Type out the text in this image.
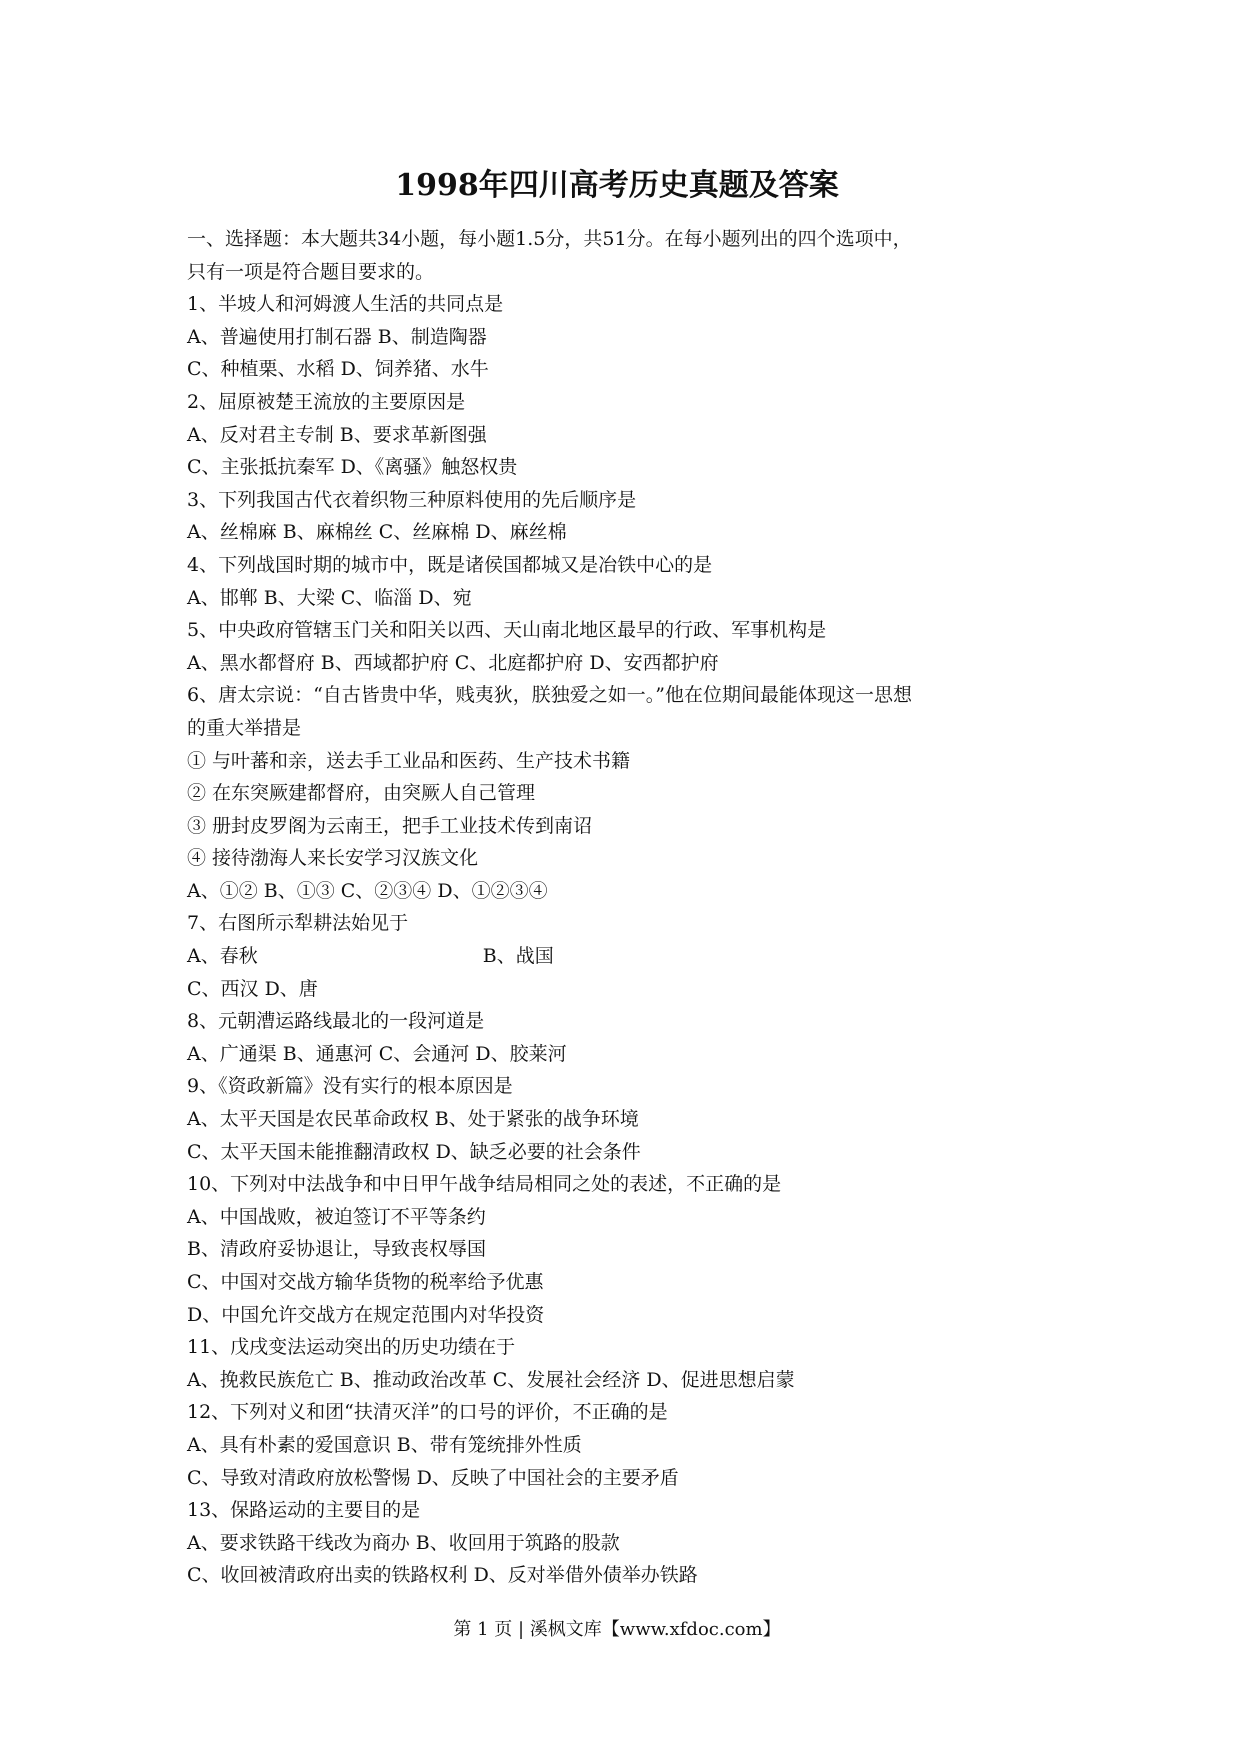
1998年四川高考历史真题及答案
一、选择题：本大题共34小题，每小题1.5分，共51分。在每小题列出的四个选项中，
只有一项是符合题目要求的。
1、半坡人和河姆渡人生活的共同点是
A、普遍使用打制石器 B、制造陶器
C、种植栗、水稻 D、饲养猪、水牛
2、屈原被楚王流放的主要原因是
A、反对君主专制 B、要求革新图强
C、主张抵抗秦军 D、《离骚》触怒权贵
3、下列我国古代衣着织物三种原料使用的先后顺序是
A、丝棉麻 B、麻棉丝 C、丝麻棉 D、麻丝棉
4、下列战国时期的城市中，既是诸侯国都城又是冶铁中心的是
A、邯郸 B、大梁 C、临淄 D、宛
5、中央政府管辖玉门关和阳关以西、天山南北地区最早的行政、军事机构是
A、黑水都督府 B、西域都护府 C、北庭都护府 D、安西都护府
6、唐太宗说：“自古皆贵中华，贱夷狄，朕独爱之如一。”他在位期间最能体现这一思想
的重大举措是
① 与叶蕃和亲，送去手工业品和医药、生产技术书籍
② 在东突厥建都督府，由突厥人自己管理
③ 册封皮罗阁为云南王，把手工业技术传到南诏
④ 接待渤海人来长安学习汉族文化
A、①② B、①③ C、②③④ D、①②③④
7、右图所示犁耕法始见于
A、春秋	B、战国
C、西汉 D、唐
8、元朝漕运路线最北的一段河道是
A、广通渠 B、通惠河 C、会通河 D、胶莱河
9、《资政新篇》没有实行的根本原因是
A、太平天国是农民革命政权 B、处于紧张的战争环境
C、太平天国未能推翻清政权 D、缺乏必要的社会条件
10、下列对中法战争和中日甲午战争结局相同之处的表述，不正确的是
A、中国战败，被迫签订不平等条约
B、清政府妥协退让，导致丧权辱国
C、中国对交战方输华货物的税率给予优惠
D、中国允许交战方在规定范围内对华投资
11、戊戌变法运动突出的历史功绩在于
A、挽救民族危亡 B、推动政治改革 C、发展社会经济 D、促进思想启蒙
12、下列对义和团“扶清灭洋”的口号的评价，不正确的是
A、具有朴素的爱国意识 B、带有笼统排外性质
C、导致对清政府放松警惕 D、反映了中国社会的主要矛盾
13、保路运动的主要目的是
A、要求铁路干线改为商办 B、收回用于筑路的股款
C、收回被清政府出卖的铁路权利 D、反对举借外债举办铁路
第 1 页 | 溪枫文库【www.xfdoc.com】
